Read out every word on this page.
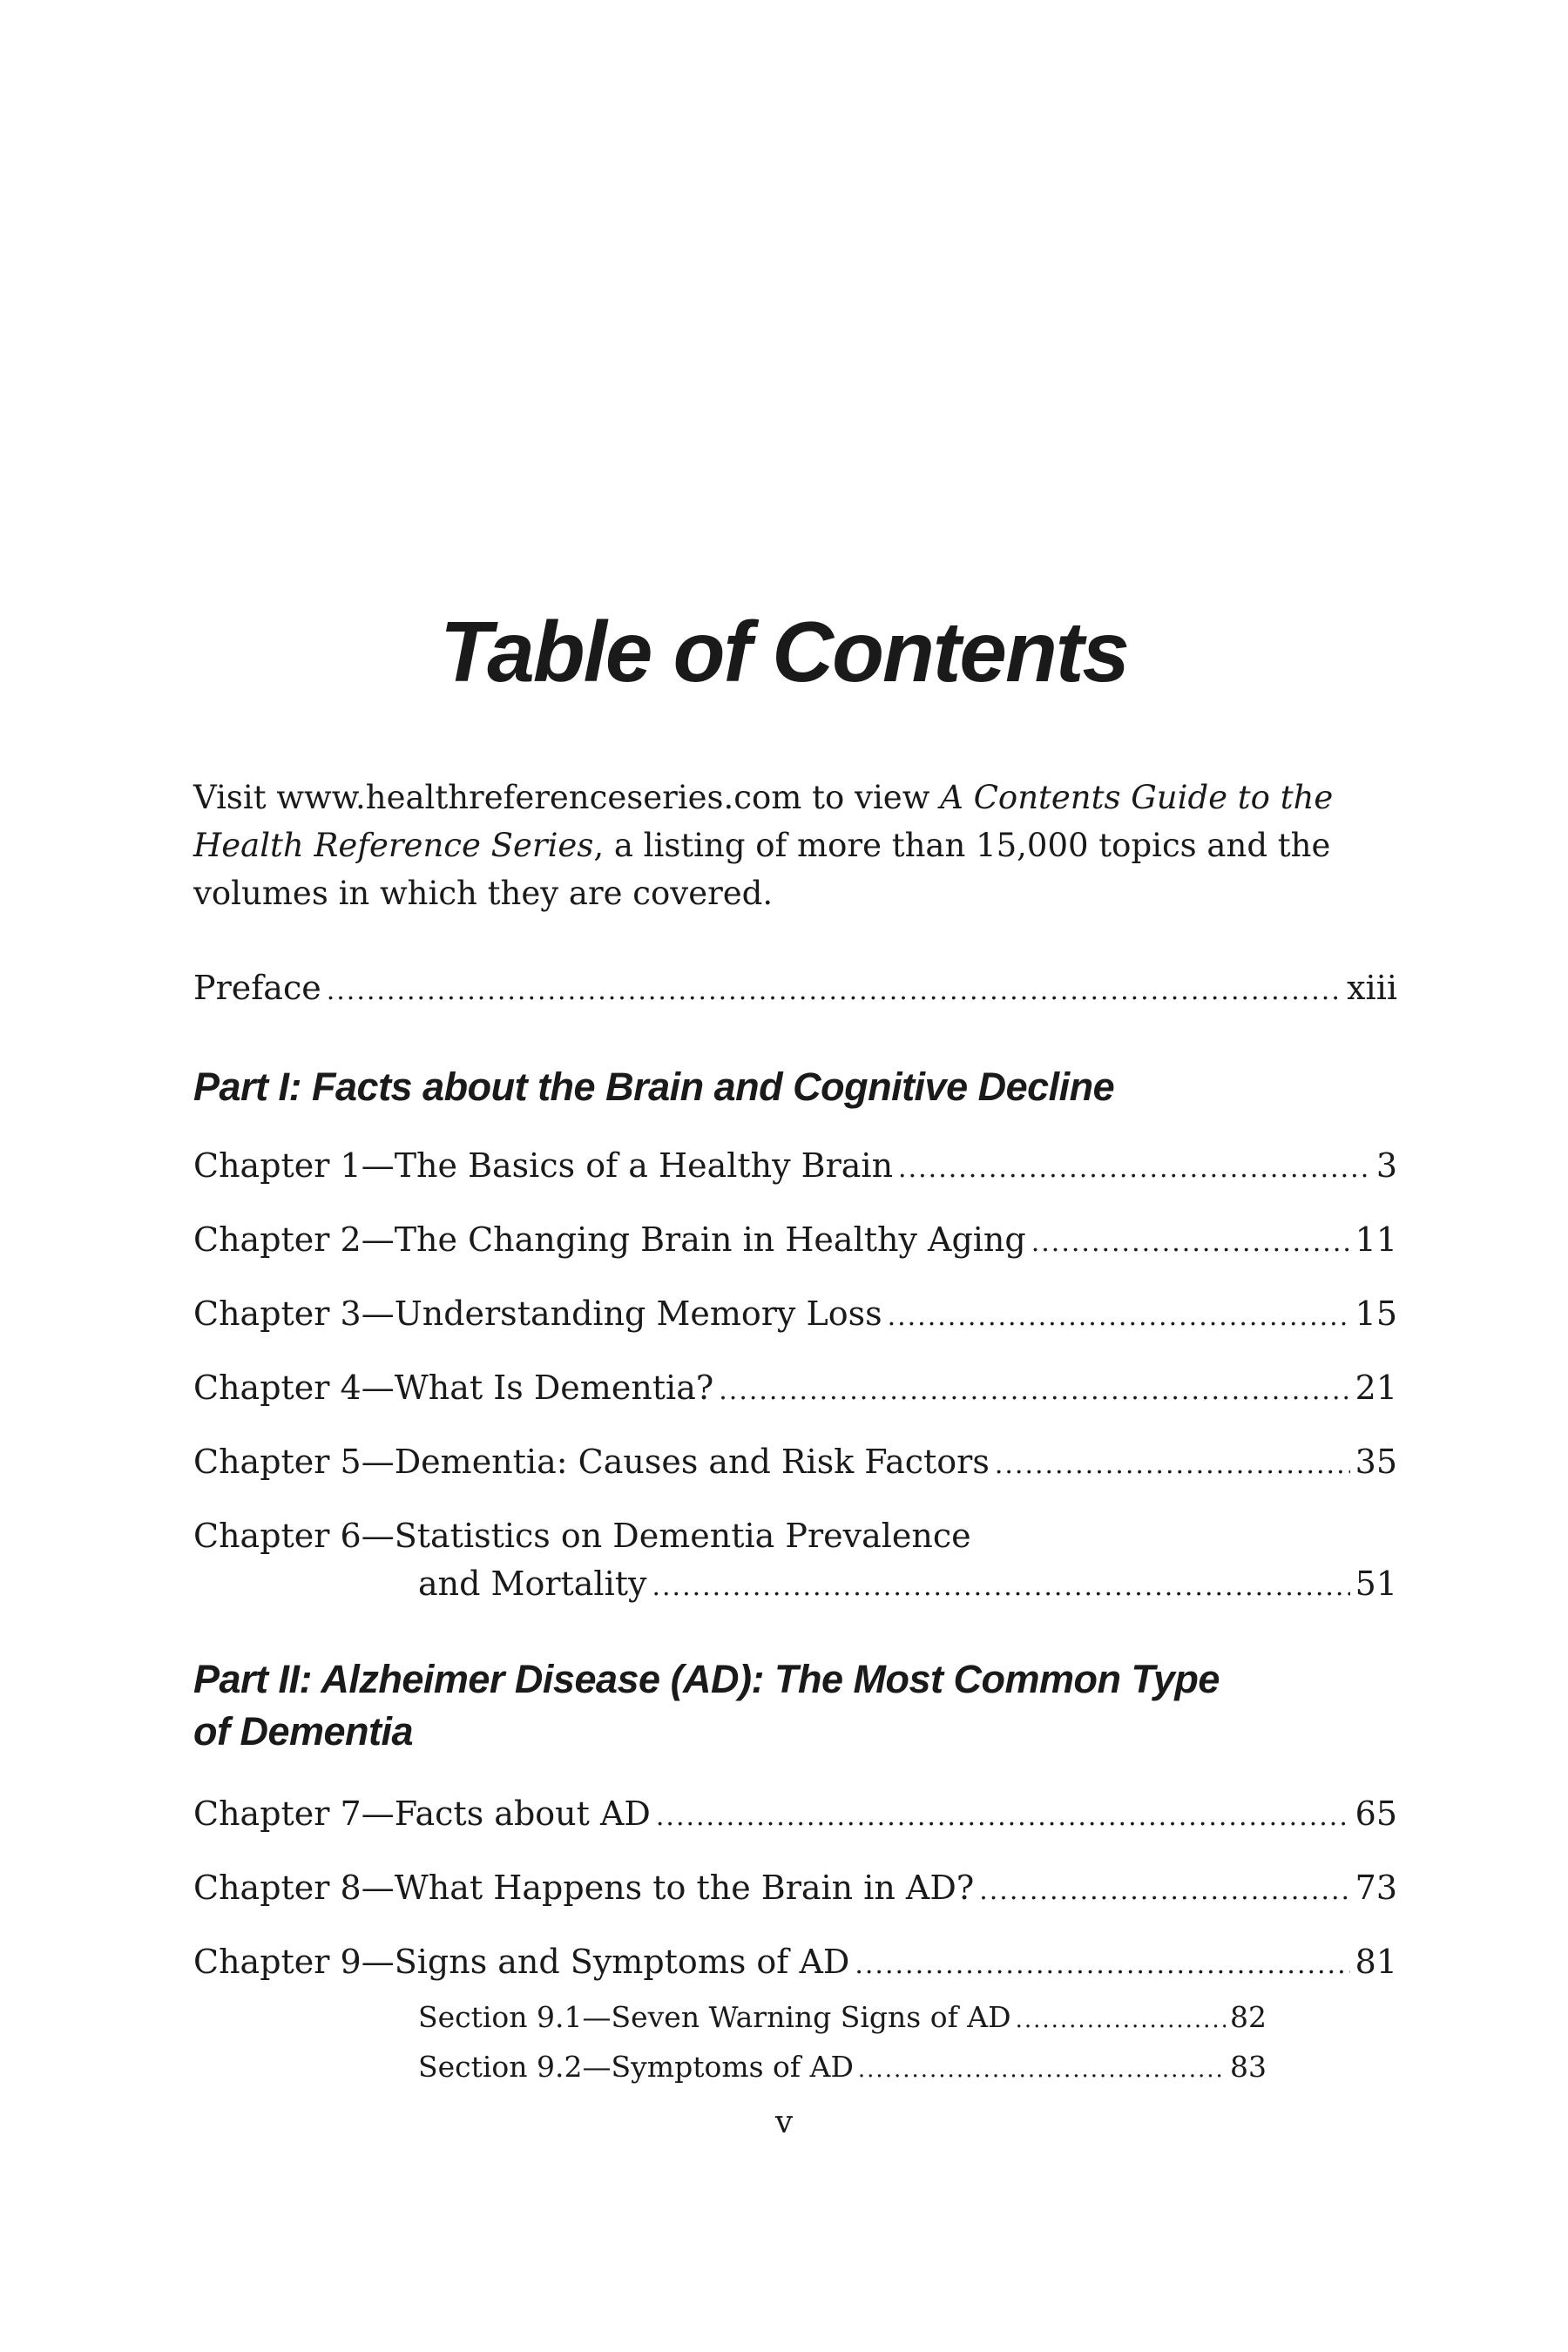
Table of Contents

Visit www.healthreferenceseries.com to view A Contents Guide to the Health Reference Series, a listing of more than 15,000 topics and the volumes in which they are covered.

Preface .....	xiii
Part I: Facts about the Brain and Cognitive Decline
Chapter 1—The Basics of a Healthy Brain .....	3
Chapter 2—The Changing Brain in Healthy Aging .....	11
Chapter 3—Understanding Memory Loss .....	15
Chapter 4—What Is Dementia? .....	21
Chapter 5—Dementia: Causes and Risk Factors .....	35
Chapter 6—Statistics on Dementia Prevalence
and Mortality .....	51
Part II: Alzheimer Disease (AD): The Most Common Type
of Dementia
Chapter 7—Facts about AD .....	65
Chapter 8—What Happens to the Brain in AD? .....	73
Chapter 9—Signs and Symptoms of AD .....	81
Section 9.1—Seven Warning Signs of AD .....	82
Section 9.2—Symptoms of AD .....	83
v
